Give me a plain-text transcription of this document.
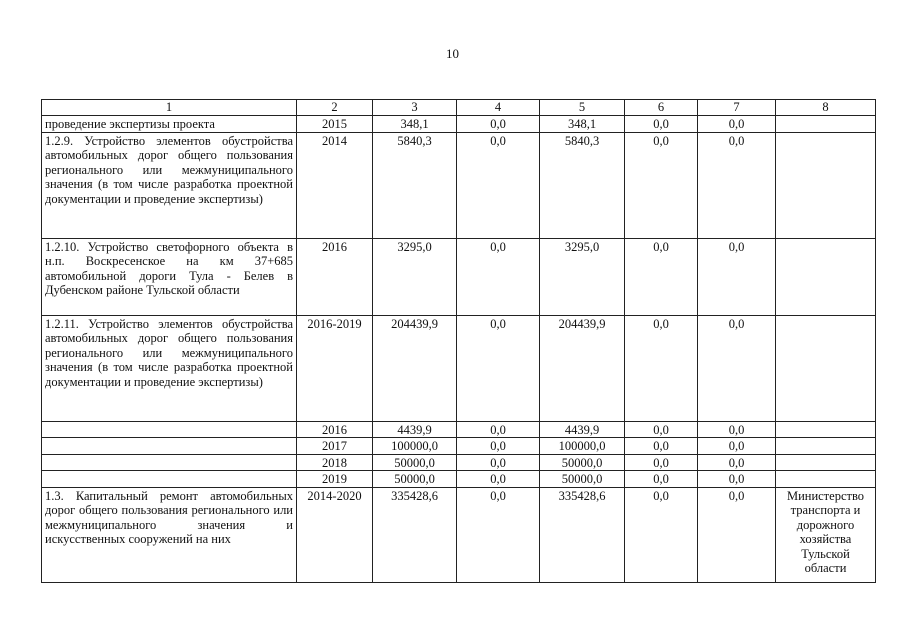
10
1	2	3	4	5	6	7	8
проведение экспертизы проекта	2015	348,1	0,0	348,1	0,0	0,0	
1.2.9. Устройство элементов обустройства автомобильных дорог общего пользования регионального или межмуниципального значения (в том числе разработка проектной документации и проведение экспертизы)	2014	5840,3	0,0	5840,3	0,0	0,0	
1.2.10. Устройство светофорного объекта в н.п. Воскресенское на км 37+685 автомобильной дороги Тула - Белев в Дубенском районе Тульской области	2016	3295,0	0,0	3295,0	0,0	0,0	
1.2.11. Устройство элементов обустройства автомобильных дорог общего пользования регионального или межмуниципального значения (в том числе разработка проектной документации и проведение экспертизы)	2016-2019	204439,9	0,0	204439,9	0,0	0,0	
	2016	4439,9	0,0	4439,9	0,0	0,0	
	2017	100000,0	0,0	100000,0	0,0	0,0	
	2018	50000,0	0,0	50000,0	0,0	0,0	
	2019	50000,0	0,0	50000,0	0,0	0,0	
1.3. Капитальный ремонт автомобильных дорог общего пользования регионального или межмуниципального значения и искусственных сооружений на них	2014-2020	335428,6	0,0	335428,6	0,0	0,0	Министерство транспорта и дорожного хозяйства Тульской области
